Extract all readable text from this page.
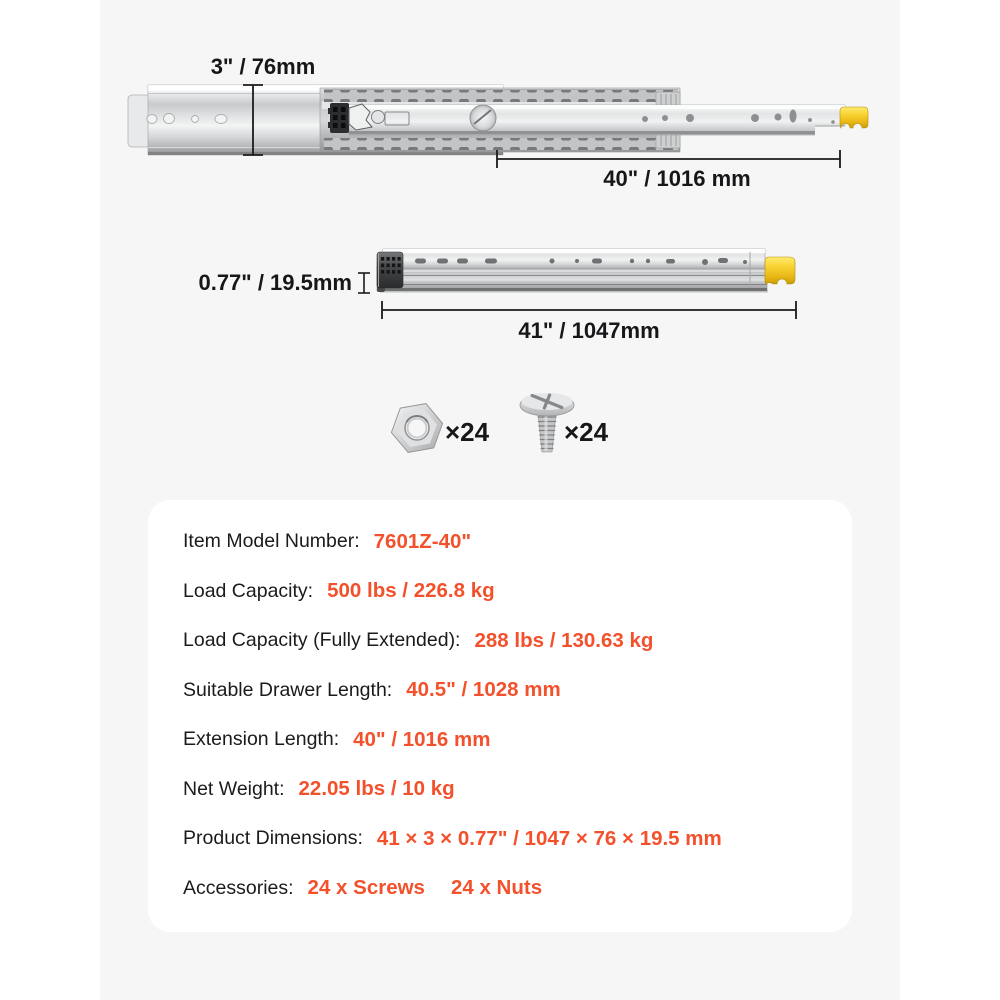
3" / 76mm
40" / 1016 mm
0.77" / 19.5mm
41" / 1047mm
×24	×24
Item Model Number: 7601Z-40"
Load Capacity: 500 lbs / 226.8 kg
Load Capacity (Fully Extended): 288 lbs / 130.63 kg
Suitable Drawer Length: 40.5" / 1028 mm
Extension Length: 40" / 1016 mm
Net Weight: 22.05 lbs / 10 kg
Product Dimensions: 41 × 3 × 0.77" / 1047 × 76 × 19.5 mm
Accessories: 24 x Screws 24 x Nuts
